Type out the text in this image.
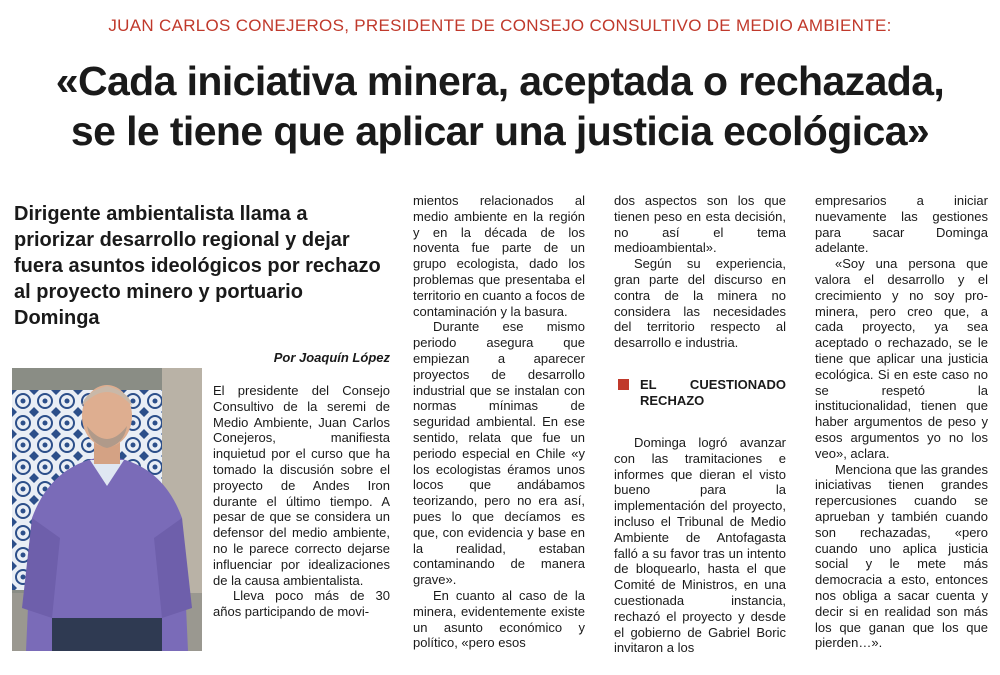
JUAN CARLOS CONEJEROS, PRESIDENTE DE CONSEJO CONSULTIVO DE MEDIO AMBIENTE:
«Cada iniciativa minera, aceptada o rechazada,
se le tiene que aplicar una justicia ecológica»
Dirigente ambientalista llama a priorizar desarrollo regional y dejar fuera asuntos ideológicos por rechazo al proyecto minero y portuario Dominga
Por Joaquín López

El presidente del Consejo Consultivo de la seremi de Medio Ambiente, Juan Carlos Conejeros, manifiesta inquietud por el curso que ha tomado la discusión sobre el proyecto de Andes Iron durante el último tiempo. A pesar de que se considera un defensor del medio ambiente, no le parece correcto dejarse influenciar por idealizaciones de la causa ambientalista.

Lleva poco más de 30 años participando de movi-

mientos relacionados al medio ambiente en la región y en la década de los noventa fue parte de un grupo ecologista, dado los problemas que presentaba el territorio en cuanto a focos de contaminación y la basura.

Durante ese mismo periodo asegura que empiezan a aparecer proyectos de desarrollo industrial que se instalan con normas mínimas de seguridad ambiental. En ese sentido, relata que fue un periodo especial en Chile «y los ecologistas éramos unos locos que andábamos teorizando, pero no era así, pues lo que decíamos es que, con evidencia y base en la realidad, estaban contaminando de manera grave».

En cuanto al caso de la minera, evidentemente existe un asunto económico y político, «pero esos

dos aspectos son los que tienen peso en esta decisión, no así el tema medioambiental».

Según su experiencia, gran parte del discurso en contra de la minera no considera las necesidades del territorio respecto al desarrollo e industria.

EL CUESTIONADO RECHAZO

Dominga logró avanzar con las tramitaciones e informes que dieran el visto bueno para la implementación del proyecto, incluso el Tribunal de Medio Ambiente de Antofagasta falló a su favor tras un intento de bloquearlo, hasta el que Comité de Ministros, en una cuestionada instancia, rechazó el proyecto y desde el gobierno de Gabriel Boric invitaron a los

empresarios a iniciar nuevamente las gestiones para sacar Dominga adelante.

«Soy una persona que valora el desarrollo y el crecimiento y no soy pro-minera, pero creo que, a cada proyecto, ya sea aceptado o rechazado, se le tiene que aplicar una justicia ecológica. Si en este caso no se respetó la institucionalidad, tienen que haber argumentos de peso y esos argumentos yo no los veo», aclara.

Menciona que las grandes iniciativas tienen grandes repercusiones cuando se aprueban y también cuando son rechazadas, «pero cuando uno aplica justicia social y le mete más democracia a esto, entonces nos obliga a sacar cuenta y decir si en realidad son más los que ganan que los que pierden…».
